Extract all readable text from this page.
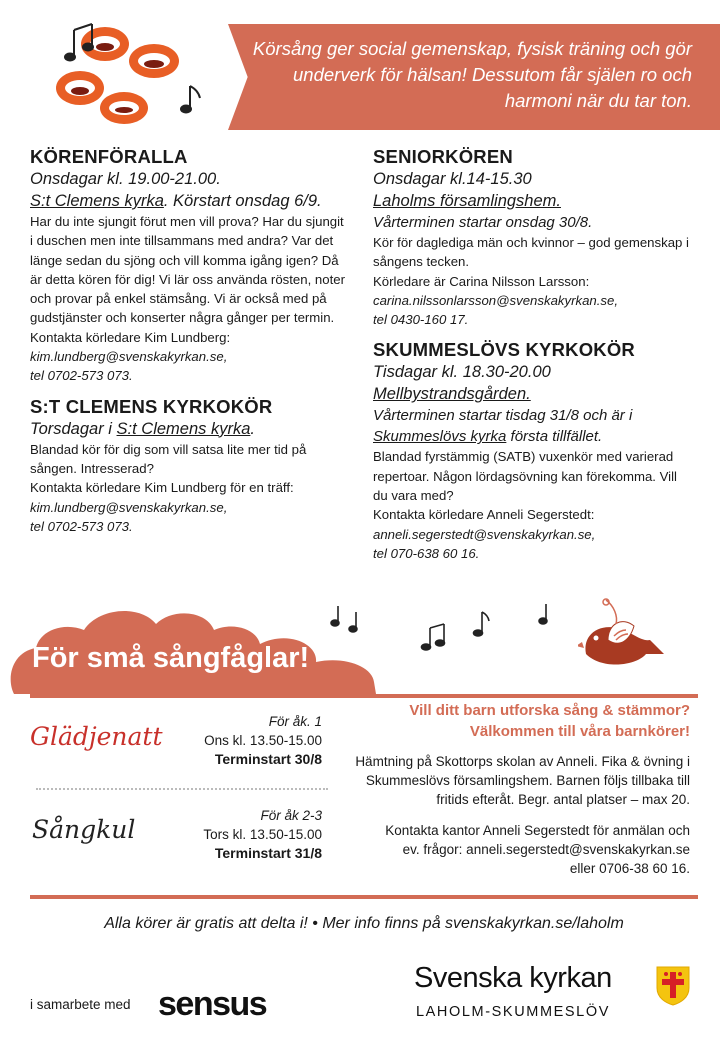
Körsång ger social gemenskap, fysisk träning och gör underverk för hälsan! Dessutom får själen ro och harmoni när du tar ton.
KÖRENFÖRALLA
Onsdagar kl. 19.00-21.00.
S:t Clemens kyrka. Körstart onsdag 6/9.

Har du inte sjungit förut men vill prova? Har du sjungit i duschen men inte tillsammans med andra? Var det länge sedan du sjöng och vill komma igång igen? Då är detta kören för dig! Vi lär oss använda rösten, noter och provar på enkel stämsång. Vi är också med på gudstjänster och konserter några gånger per termin.

Kontakta körledare Kim Lundberg:
kim.lundberg@svenskakyrkan.se,
tel 0702-573 073.
S:T CLEMENS KYRKOKÖR
Torsdagar i S:t Clemens kyrka.

Blandad kör för dig som vill satsa lite mer tid på sången. Intresserad?

Kontakta körledare Kim Lundberg för en träff:
kim.lundberg@svenskakyrkan.se,
tel 0702-573 073.
SENIORKÖREN
Onsdagar kl.14-15.30
Laholms församlingshem.
Vårterminen startar onsdag 30/8.

Kör för dagledig​a män och kvinnor – god gemenskap i sångens tecken.

Körledare är Carina Nilsson Larsson:
carina.nilssonlarsson@svenskakyrkan.se,
tel 0430-160 17.
SKUMMESLÖVS KYRKOKÖR
Tisdagar kl. 18.30-20.00
Mellbystrandsgården.
Vårterminen startar tisdag 31/8 och är i
Skummeslövs kyrka första tillfället.

Blandad fyrstämmig (SATB) vuxenkör med varierad repertoar. Någon lördagsövning kan förekomma. Vill du vara med?

Kontakta körledare Anneli Segerstedt:
anneli.segerstedt@svenskakyrkan.se,
tel 070-638 60 16.
För små sångfåglar!
Glädjenatt
För åk. 1
Ons kl. 13.50-15.00
Terminstart 30/8
Sångkul	För åk 2-3
Tors kl. 13.50-15.00
Terminstart 31/8
Vill ditt barn utforska sång & stämmor?
Välkommen till våra barnkörer!

Hämtning på Skottorps skolan av Anneli. Fika & övning i Skummeslövs församlingshem. Barnen följs tillbaka till fritids efteråt. Begr. antal platser – max 20.

Kontakta kantor Anneli Segerstedt för anmälan och

ev. frågor: anneli.segerstedt@svenskakyrkan.se

eller 0706-38 60 16.

Alla körer är gratis att delta i! • Mer info finns på svenskakyrkan.se/laholm
i samarbete med sensus
Svenska kyrkan
LAHOLM-SKUMMESLÖV
